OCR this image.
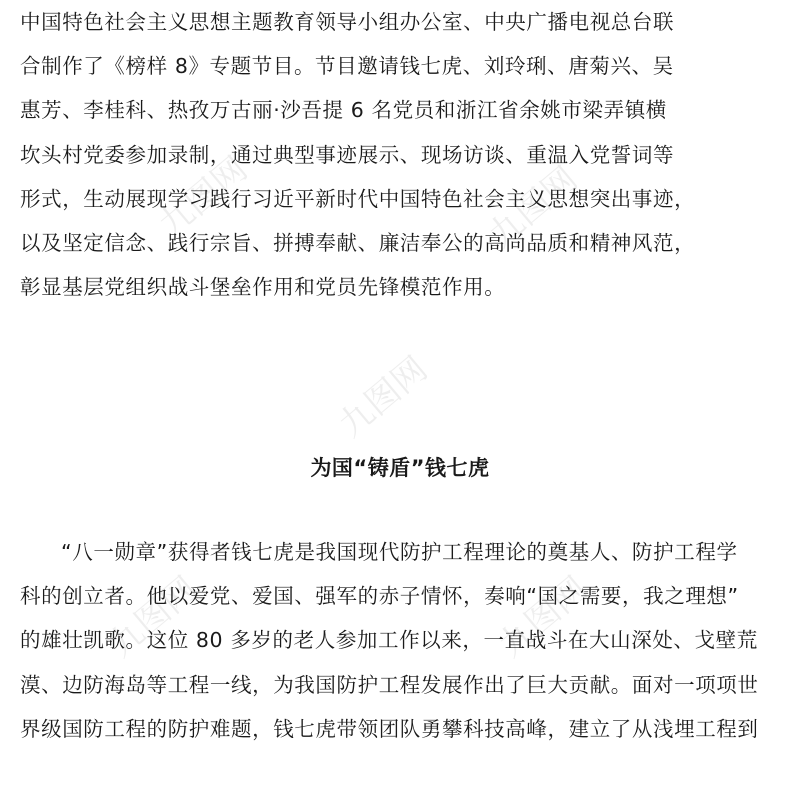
九图网	九图网
九图网
九图网	九图网

中国特色社会主义思想主题教育领导小组办公室、中央广播电视总台联
合制作了《榜样 8》专题节目。节目邀请钱七虎、刘玲琍、唐菊兴、吴
惠芳、李桂科、热孜万古丽·沙吾提 6 名党员和浙江省余姚市梁弄镇横
坎头村党委参加录制，通过典型事迹展示、现场访谈、重温入党誓词等
形式，生动展现学习践行习近平新时代中国特色社会主义思想突出事迹，
以及坚定信念、践行宗旨、拼搏奉献、廉洁奉公的高尚品质和精神风范，
彰显基层党组织战斗堡垒作用和党员先锋模范作用。

为国“铸盾”钱七虎

“八一勋章”获得者钱七虎是我国现代防护工程理论的奠基人、防护工程学
科的创立者。他以爱党、爱国、强军的赤子情怀，奏响“国之需要，我之理想”
的雄壮凯歌。这位 80 多岁的老人参加工作以来，一直战斗在大山深处、戈壁荒
漠、边防海岛等工程一线，为我国防护工程发展作出了巨大贡献。面对一项项世
界级国防工程的防护难题，钱七虎带领团队勇攀科技高峰，建立了从浅埋工程到
